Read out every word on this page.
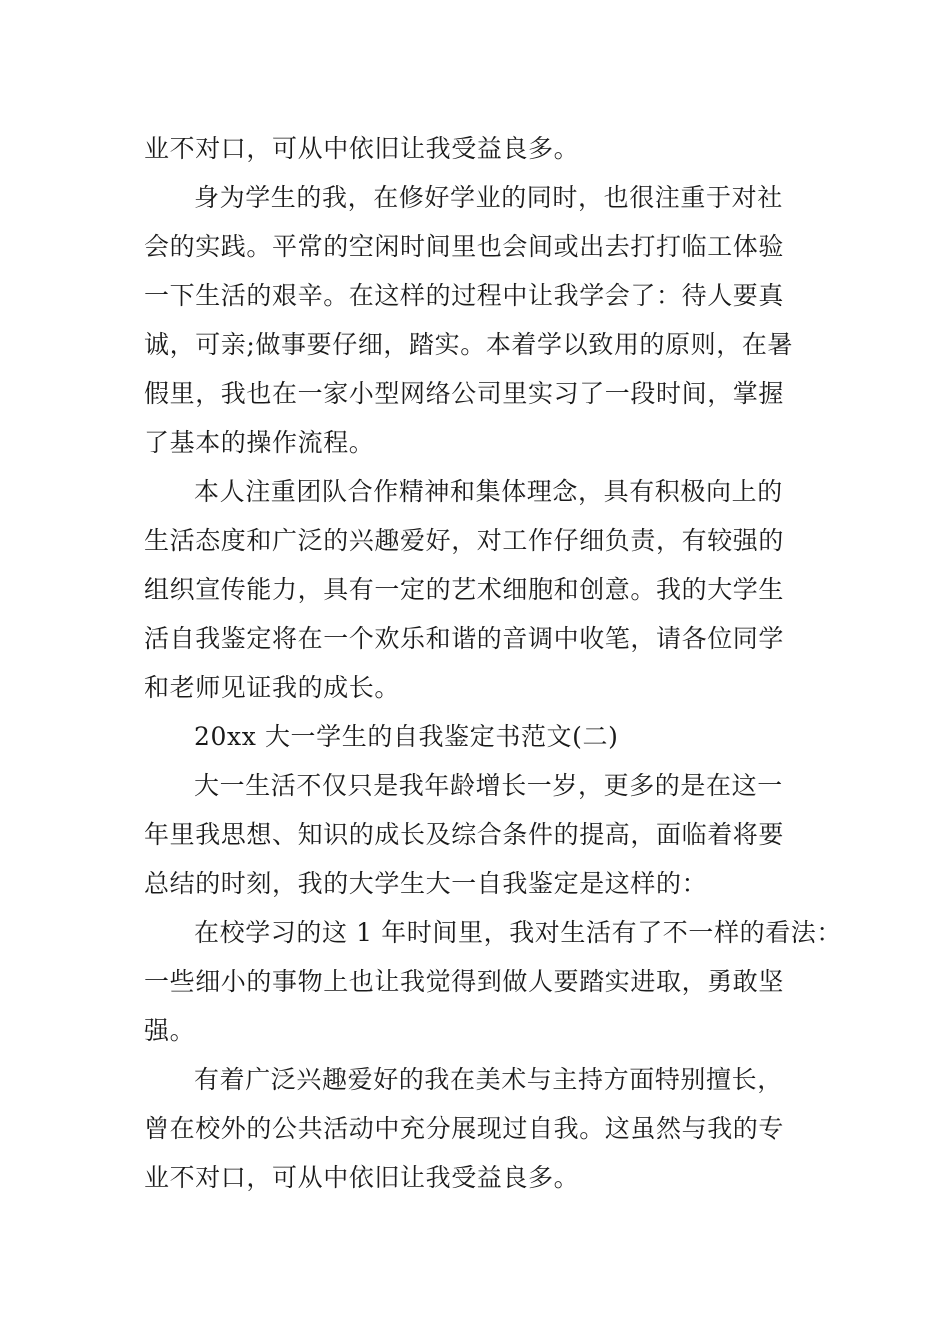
业不对口，可从中依旧让我受益良多。
身为学生的我，在修好学业的同时，也很注重于对社
会的实践。平常的空闲时间里也会间或出去打打临工体验
一下生活的艰辛。在这样的过程中让我学会了：待人要真
诚，可亲;做事要仔细，踏实。本着学以致用的原则，在暑
假里，我也在一家小型网络公司里实习了一段时间，掌握
了基本的操作流程。
本人注重团队合作精神和集体理念，具有积极向上的
生活态度和广泛的兴趣爱好，对工作仔细负责，有较强的
组织宣传能力，具有一定的艺术细胞和创意。我的大学生
活自我鉴定将在一个欢乐和谐的音调中收笔，请各位同学
和老师见证我的成长。
20xx 大一学生的自我鉴定书范文(二)
大一生活不仅只是我年龄增长一岁，更多的是在这一
年里我思想、知识的成长及综合条件的提高，面临着将要
总结的时刻，我的大学生大一自我鉴定是这样的：
在校学习的这 1 年时间里，我对生活有了不一样的看法：
一些细小的事物上也让我觉得到做人要踏实进取，勇敢坚
强。
有着广泛兴趣爱好的我在美术与主持方面特别擅长，
曾在校外的公共活动中充分展现过自我。这虽然与我的专
业不对口，可从中依旧让我受益良多。
